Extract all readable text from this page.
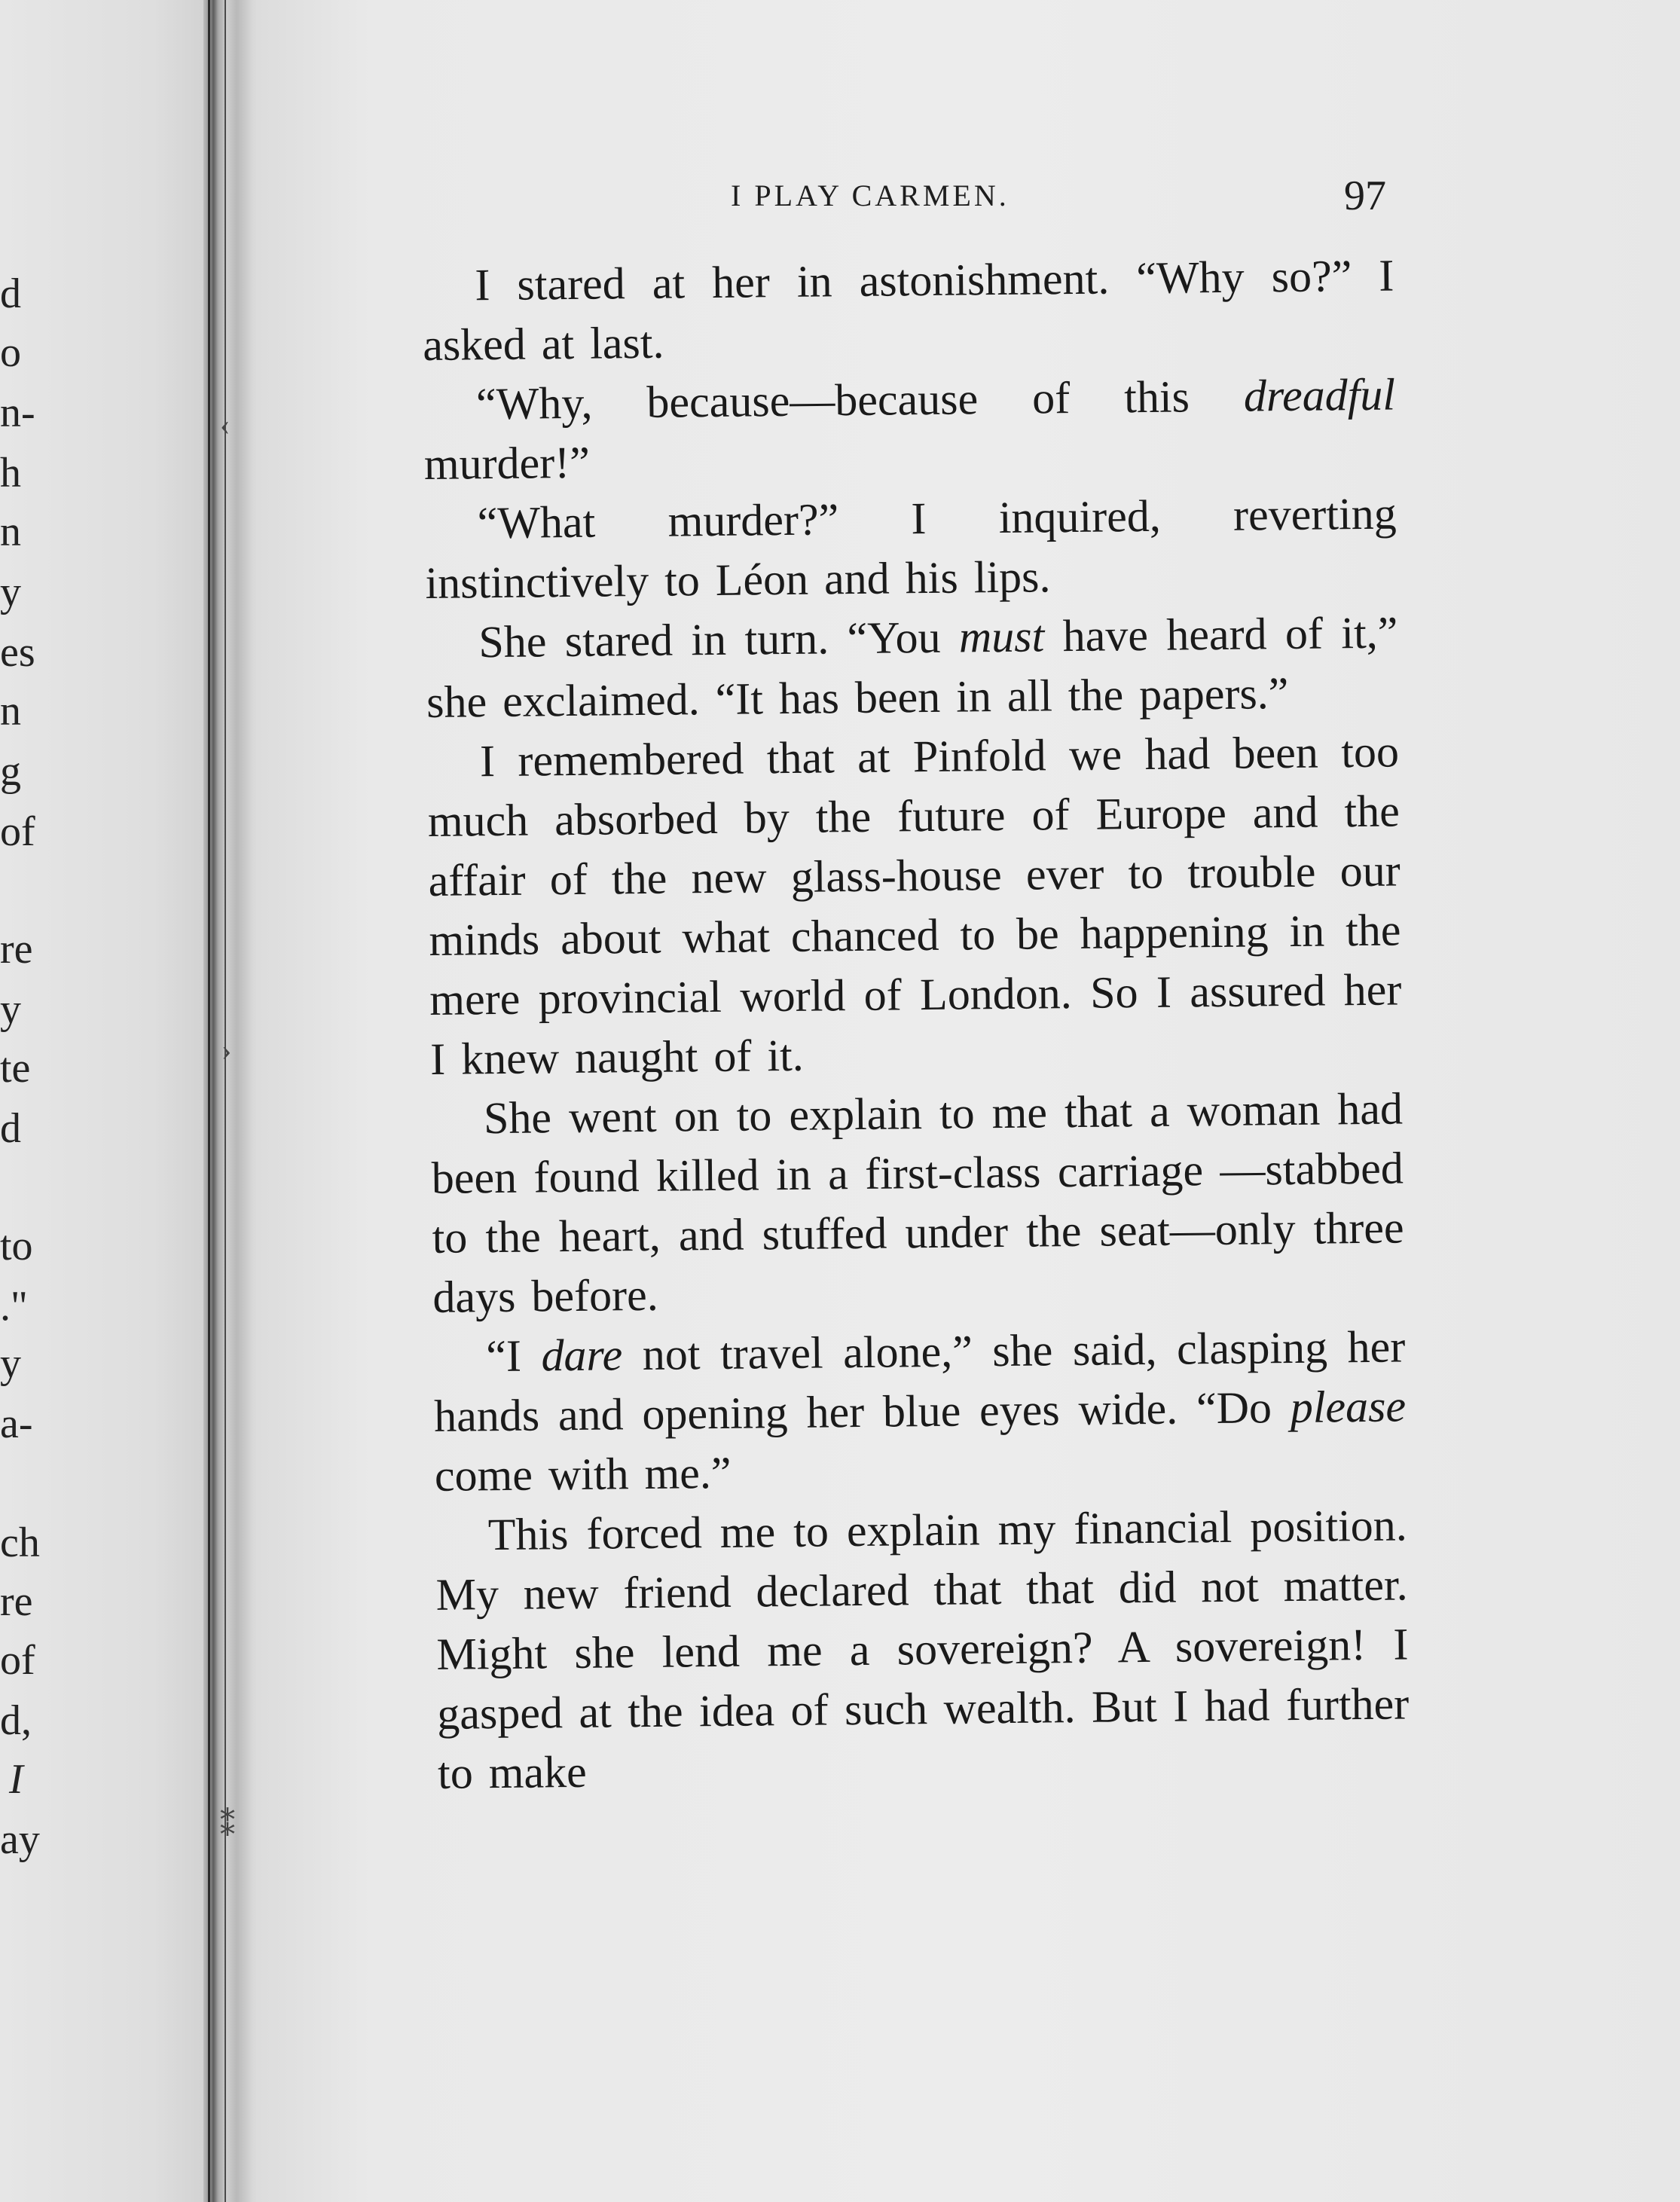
d
o
n-
h
n
y
es
n
g
of
re
y
te
d
to
."
y
a-
ch
re
of
d,
I
ay
‹
›
⁑
I PLAY CARMEN.	97

I stared at her in astonishment. “Why so?” I asked at last.

“Why, because—because of this dreadful murder!”

“What murder?” I inquired, reverting instinctively to Léon and his lips.

She stared in turn. “You must have heard of it,” she exclaimed. “It has been in all the papers.”

I remembered that at Pinfold we had been too much absorbed by the future of Europe and the affair of the new glass-house ever to trouble our minds about what chanced to be happening in the mere provincial world of London. So I assured her I knew naught of it.

She went on to explain to me that a woman had been found killed in a first-class carriage —stabbed to the heart, and stuffed under the seat—only three days before.

“I dare not travel alone,” she said, clasping her hands and opening her blue eyes wide. “Do please come with me.”

This forced me to explain my financial position. My new friend declared that that did not matter. Might she lend me a sovereign? A sovereign! I gasped at the idea of such wealth. But I had further to make
